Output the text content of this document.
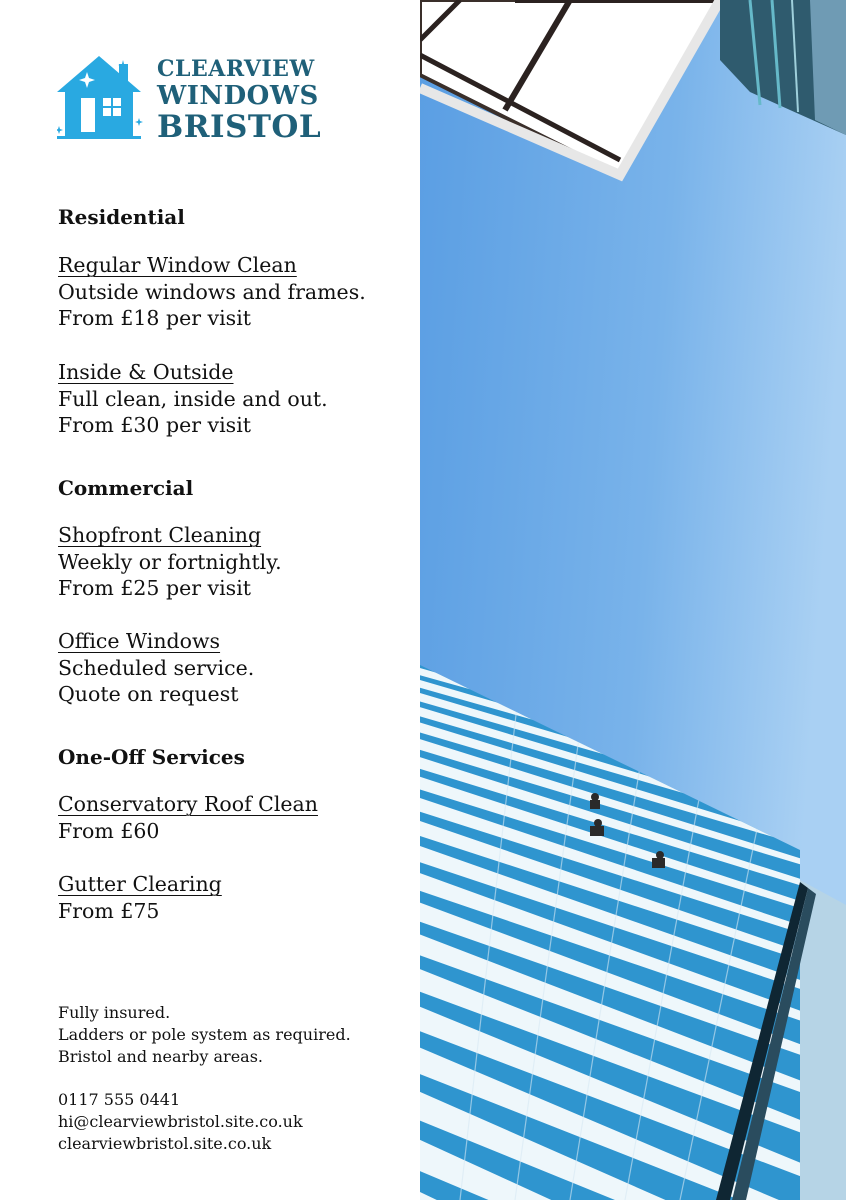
CLEARVIEW
WINDOWS
BRISTOL
Residential
Regular Window Clean
Outside windows and frames.
From £18 per visit
Inside & Outside
Full clean, inside and out.
From £30 per visit
Commercial
Shopfront Cleaning
Weekly or fortnightly.
From £25 per visit
Office Windows
Scheduled service.
Quote on request
One-Off Services
Conservatory Roof Clean
From £60
Gutter Clearing
From £75
Fully insured.
Ladders or pole system as required.
Bristol and nearby areas.
0117 555 0441
hi@clearviewbristol.site.co.uk
clearviewbristol.site.co.uk
